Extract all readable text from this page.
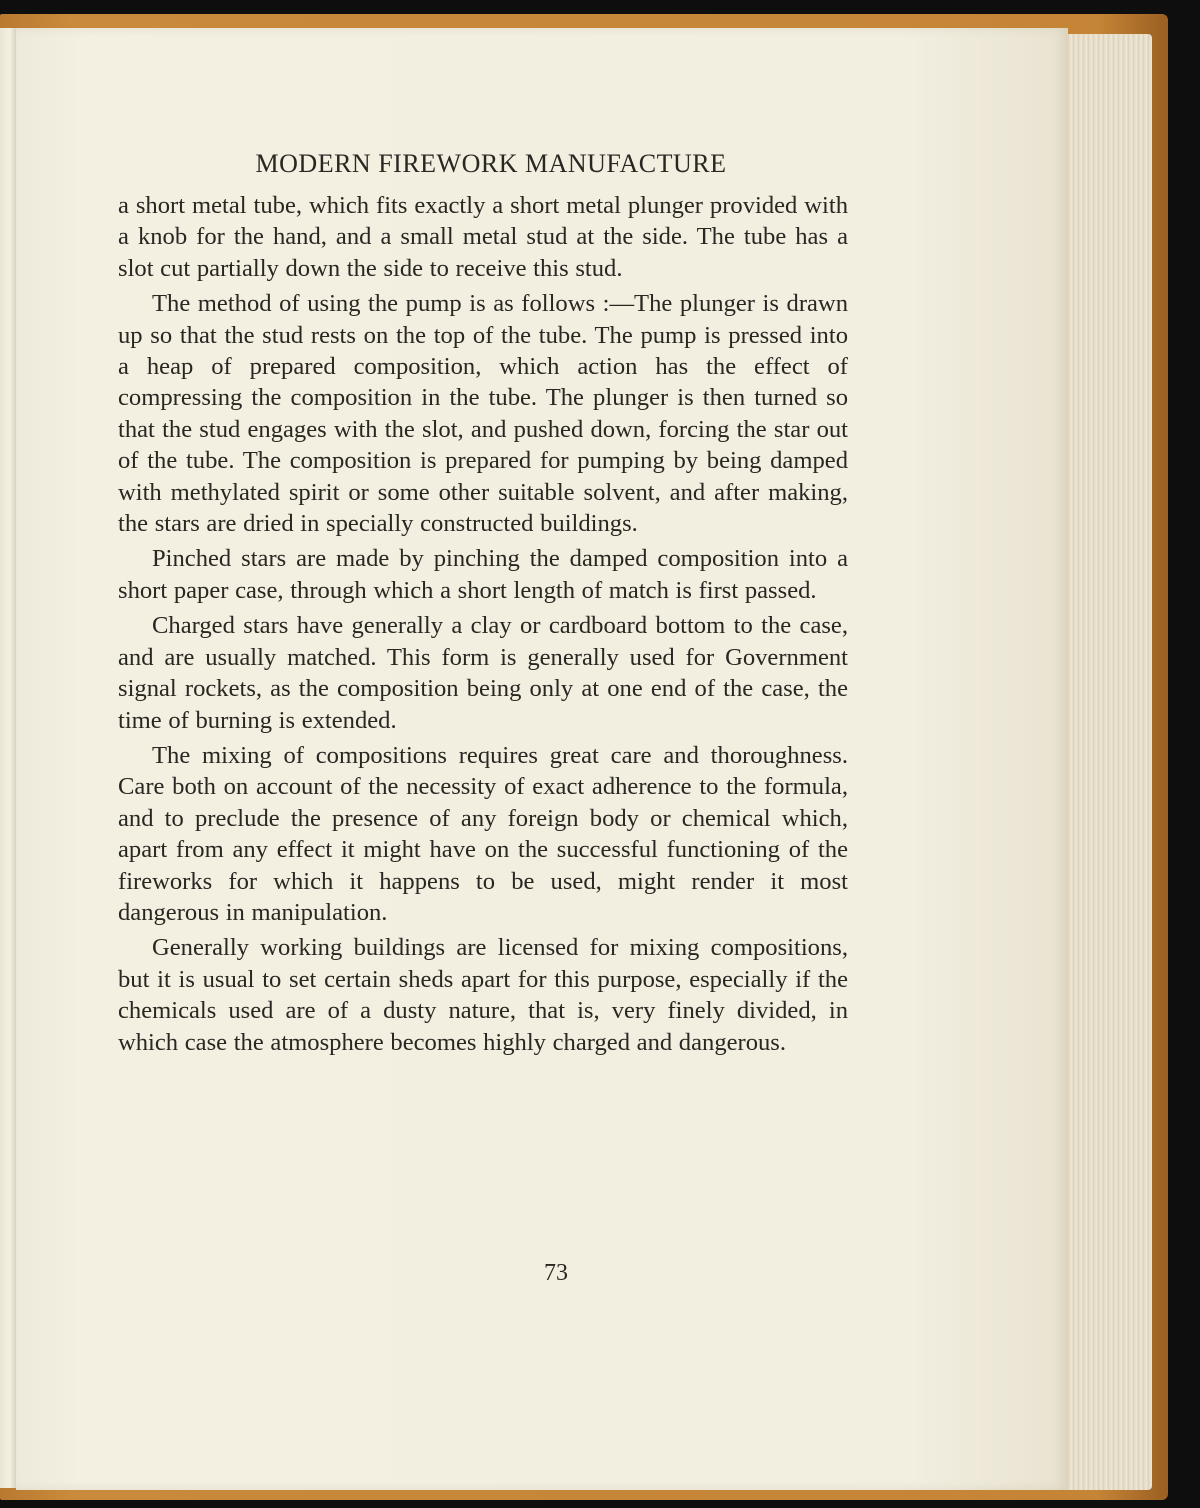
MODERN FIREWORK MANUFACTURE

a short metal tube, which fits exactly a short metal plunger provided with a knob for the hand, and a small metal stud at the side. The tube has a slot cut partially down the side to receive this stud.

The method of using the pump is as follows :—The plunger is drawn up so that the stud rests on the top of the tube. The pump is pressed into a heap of prepared composition, which action has the effect of compressing the composition in the tube. The plunger is then turned so that the stud engages with the slot, and pushed down, forcing the star out of the tube. The composition is prepared for pumping by being damped with methylated spirit or some other suitable solvent, and after making, the stars are dried in specially constructed buildings.

Pinched stars are made by pinching the damped composition into a short paper case, through which a short length of match is first passed.

Charged stars have generally a clay or cardboard bottom to the case, and are usually matched. This form is generally used for Government signal rockets, as the composition being only at one end of the case, the time of burning is extended.

The mixing of compositions requires great care and thoroughness. Care both on account of the necessity of exact adherence to the formula, and to preclude the presence of any foreign body or chemical which, apart from any effect it might have on the successful functioning of the fireworks for which it happens to be used, might render it most dangerous in manipulation.

Generally working buildings are licensed for mixing compositions, but it is usual to set certain sheds apart for this purpose, especially if the chemicals used are of a dusty nature, that is, very finely divided, in which case the atmosphere becomes highly charged and dangerous.

73
